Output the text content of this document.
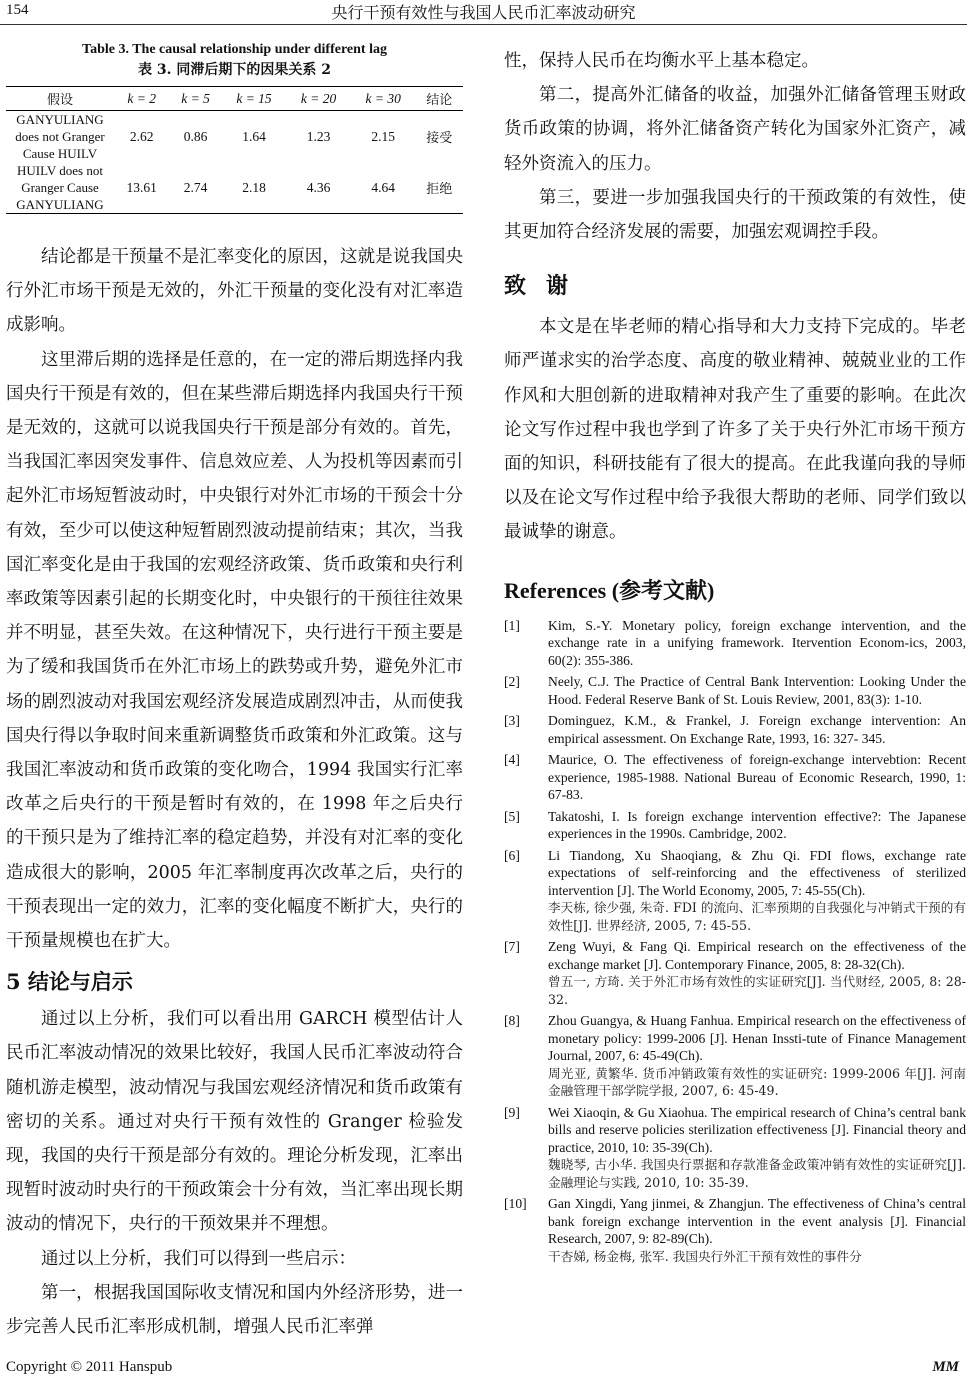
154	央行干预有效性与我国人民币汇率波动研究
Table 3. The causal relationship under different lag
表 3. 同滞后期下的因果关系 2
假设	k = 2	k = 5	k = 15	k = 20	k = 30	结论

GANYULIANG
does not Granger
Cause HUILV	2.62	0.86	1.64	1.23	2.15	接受

HUILV does not
Granger Cause
GANYULIANG	13.61	2.74	2.18	4.36	4.64	拒绝

结论都是干预量不是汇率变化的原因，这就是说我国央行外汇市场干预是无效的，外汇干预量的变化没有对汇率造成影响。

这里滞后期的选择是任意的，在一定的滞后期选择内我国央行干预是有效的，但在某些滞后期选择内我国央行干预是无效的，这就可以说我国央行干预是部分有效的。首先，当我国汇率因突发事件、信息效应差、人为投机等因素而引起外汇市场短暂波动时，中央银行对外汇市场的干预会十分有效，至少可以使这种短暂剧烈波动提前结束；其次，当我国汇率变化是由于我国的宏观经济政策、货币政策和央行利率政策等因素引起的长期变化时，中央银行的干预往往效果并不明显，甚至失效。在这种情况下，央行进行干预主要是为了缓和我国货币在外汇市场上的跌势或升势，避免外汇市场的剧烈波动对我国宏观经济发展造成剧烈冲击，从而使我国央行得以争取时间来重新调整货币政策和外汇政策。这与我国汇率波动和货币政策的变化吻合，1994 我国实行汇率改革之后央行的干预是暂时有效的，在 1998 年之后央行的干预只是为了维持汇率的稳定趋势，并没有对汇率的变化造成很大的影响，2005 年汇率制度再次改革之后，央行的干预表现出一定的效力，汇率的变化幅度不断扩大，央行的干预量规模也在扩大。

5 结论与启示

通过以上分析，我们可以看出用 GARCH 模型估计人民币汇率波动情况的效果比较好，我国人民币汇率波动符合随机游走模型，波动情况与我国宏观经济情况和货币政策有密切的关系。通过对央行干预有效性的 Granger 检验发现，我国的央行干预是部分有效的。理论分析发现，汇率出现暂时波动时央行的干预政策会十分有效，当汇率出现长期波动的情况下，央行的干预效果并不理想。

通过以上分析，我们可以得到一些启示：

第一，根据我国国际收支情况和国内外经济形势，进一步完善人民币汇率形成机制，增强人民币汇率弹

性，保持人民币在均衡水平上基本稳定。

第二，提高外汇储备的收益，加强外汇储备管理玉财政货币政策的协调，将外汇储备资产转化为国家外汇资产，减轻外资流入的压力。

第三，要进一步加强我国央行的干预政策的有效性，使其更加符合经济发展的需要，加强宏观调控手段。

致谢

本文是在毕老师的精心指导和大力支持下完成的。毕老师严谨求实的治学态度、高度的敬业精神、兢兢业业的工作作风和大胆创新的进取精神对我产生了重要的影响。在此次论文写作过程中我也学到了许多了关于央行外汇市场干预方面的知识，科研技能有了很大的提高。在此我谨向我的导师以及在论文写作过程中给予我很大帮助的老师、同学们致以最诚挚的谢意。

References (参考文献)
[1] Kim, S.-Y. Monetary policy, foreign exchange intervention, and the exchange rate in a unifying framework. Itervention Econom-ics, 2003, 60(2): 355-386.
[2] Neely, C.J. The Practice of Central Bank Intervention: Looking Under the Hood. Federal Reserve Bank of St. Louis Review, 2001, 83(3): 1-10.
[3] Dominguez, K.M., & Frankel, J. Foreign exchange intervention: An empirical assessment. On Exchange Rate, 1993, 16: 327- 345.
[4] Maurice, O. The effectiveness of foreign-exchange intervebtion: Recent experience, 1985-1988. National Bureau of Economic Research, 1990, 1: 67-83.
[5] Takatoshi, I. Is foreign exchange intervention effective?: The Japanese experiences in the 1990s. Cambridge, 2002.
[6] Li Tiandong, Xu Shaoqiang, & Zhu Qi. FDI flows, exchange rate expectations of self-reinforcing and the effectiveness of sterilized intervention [J]. The World Economy, 2005, 7: 45-55(Ch).
李天栋, 徐少强, 朱奇. FDI 的流向、汇率预期的自我强化与冲销式干预的有效性[J]. 世界经济, 2005, 7: 45-55.
[7] Zeng Wuyi, & Fang Qi. Empirical research on the effectiveness of the exchange market [J]. Contemporary Finance, 2005, 8: 28-32(Ch).
曾五一, 方琦. 关于外汇市场有效性的实证研究[J]. 当代财经, 2005, 8: 28-32.
[8] Zhou Guangya, & Huang Fanhua. Empirical research on the effectiveness of monetary policy: 1999-2006 [J]. Henan Inssti-tute of Finance Management Journal, 2007, 6: 45-49(Ch).
周光亚, 黄繁华. 货币冲销政策有效性的实证研究: 1999-2006 年[J]. 河南金融管理干部学院学报, 2007, 6: 45-49.
[9] Wei Xiaoqin, & Gu Xiaohua. The empirical research of China’s central bank bills and reserve policies sterilization effectiveness [J]. Financial theory and practice, 2010, 10: 35-39(Ch).
魏晓琴, 古小华. 我国央行票据和存款准备金政策冲销有效性的实证研究[J]. 金融理论与实践, 2010, 10: 35-39.
[10] Gan Xingdi, Yang jinmei, & Zhangjun. The effectiveness of China’s central bank foreign exchange intervention in the event analysis [J]. Financial Research, 2007, 9: 82-89(Ch).
干杏娣, 杨金梅, 张军. 我国央行外汇干预有效性的事件分
Copyright © 2011 Hanspub	MM
